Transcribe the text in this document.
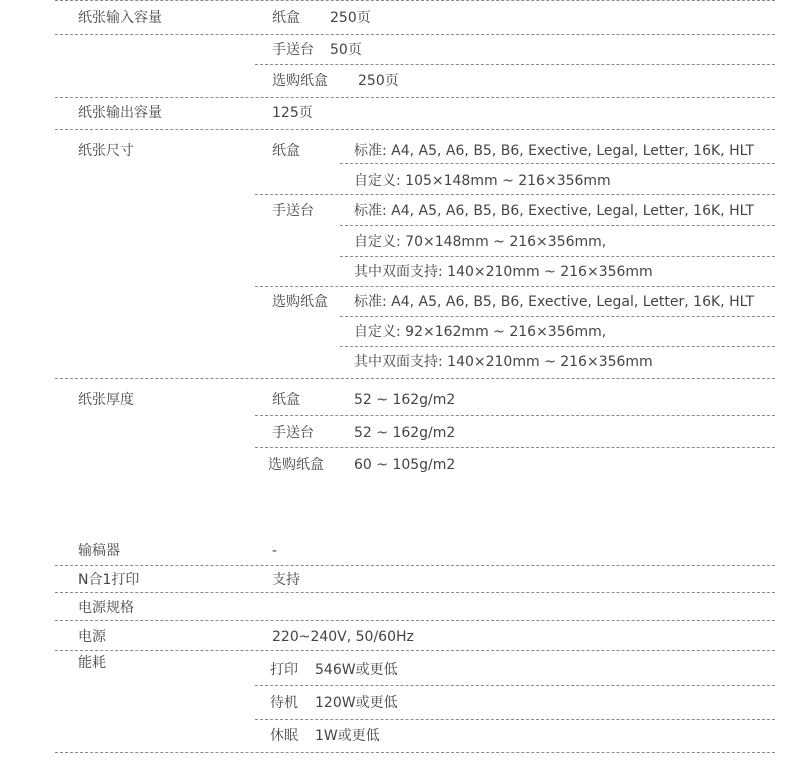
纸张输入容量	纸盒 250页
手送台 50页
选购纸盒 250页
纸张输出容量	125页
纸张尺寸	纸盒	标准: A4, A5, A6, B5, B6, Exective, Legal, Letter, 16K, HLT
自定义: 105×148mm ~ 216×356mm
手送台	标准: A4, A5, A6, B5, B6, Exective, Legal, Letter, 16K, HLT
自定义: 70×148mm ~ 216×356mm,
其中双面支持: 140×210mm ~ 216×356mm
选购纸盒 标准: A4, A5, A6, B5, B6, Exective, Legal, Letter, 16K, HLT
自定义: 92×162mm ~ 216×356mm,
其中双面支持: 140×210mm ~ 216×356mm
纸张厚度	纸盒	52 ~ 162g/m2
手送台	52 ~ 162g/m2
选购纸盒 60 ~ 105g/m2
输稿器	-
N合1打印	支持
电源规格
电源	220~240V, 50/60Hz
能耗	打印 546W或更低
待机 120W或更低
休眠 1W或更低
